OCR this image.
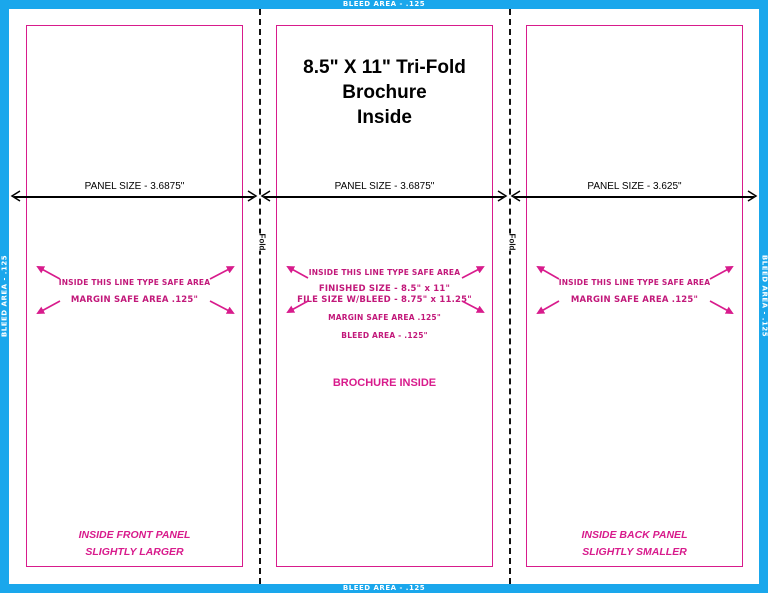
BLEED AREA - .125
BLEED AREA - .125
BLEED AREA - .125	BLEED AREA - .125
Fold	Fold
8.5" X 11" Tri-Fold
Brochure
Inside
PANEL SIZE - 3.6875"	PANEL SIZE - 3.6875"	PANEL SIZE - 3.625"
INSIDE THIS LINE TYPE SAFE AREA
MARGIN SAFE AREA .125"
INSIDE FRONT PANEL
SLIGHTLY LARGER
INSIDE THIS LINE TYPE SAFE AREA
FINISHED SIZE - 8.5" x 11"
FILE SIZE W/BLEED - 8.75" x 11.25"
MARGIN SAFE AREA .125"
BLEED AREA - .125"
BROCHURE INSIDE
INSIDE THIS LINE TYPE SAFE AREA
MARGIN SAFE AREA .125"
INSIDE BACK PANEL
SLIGHTLY SMALLER
